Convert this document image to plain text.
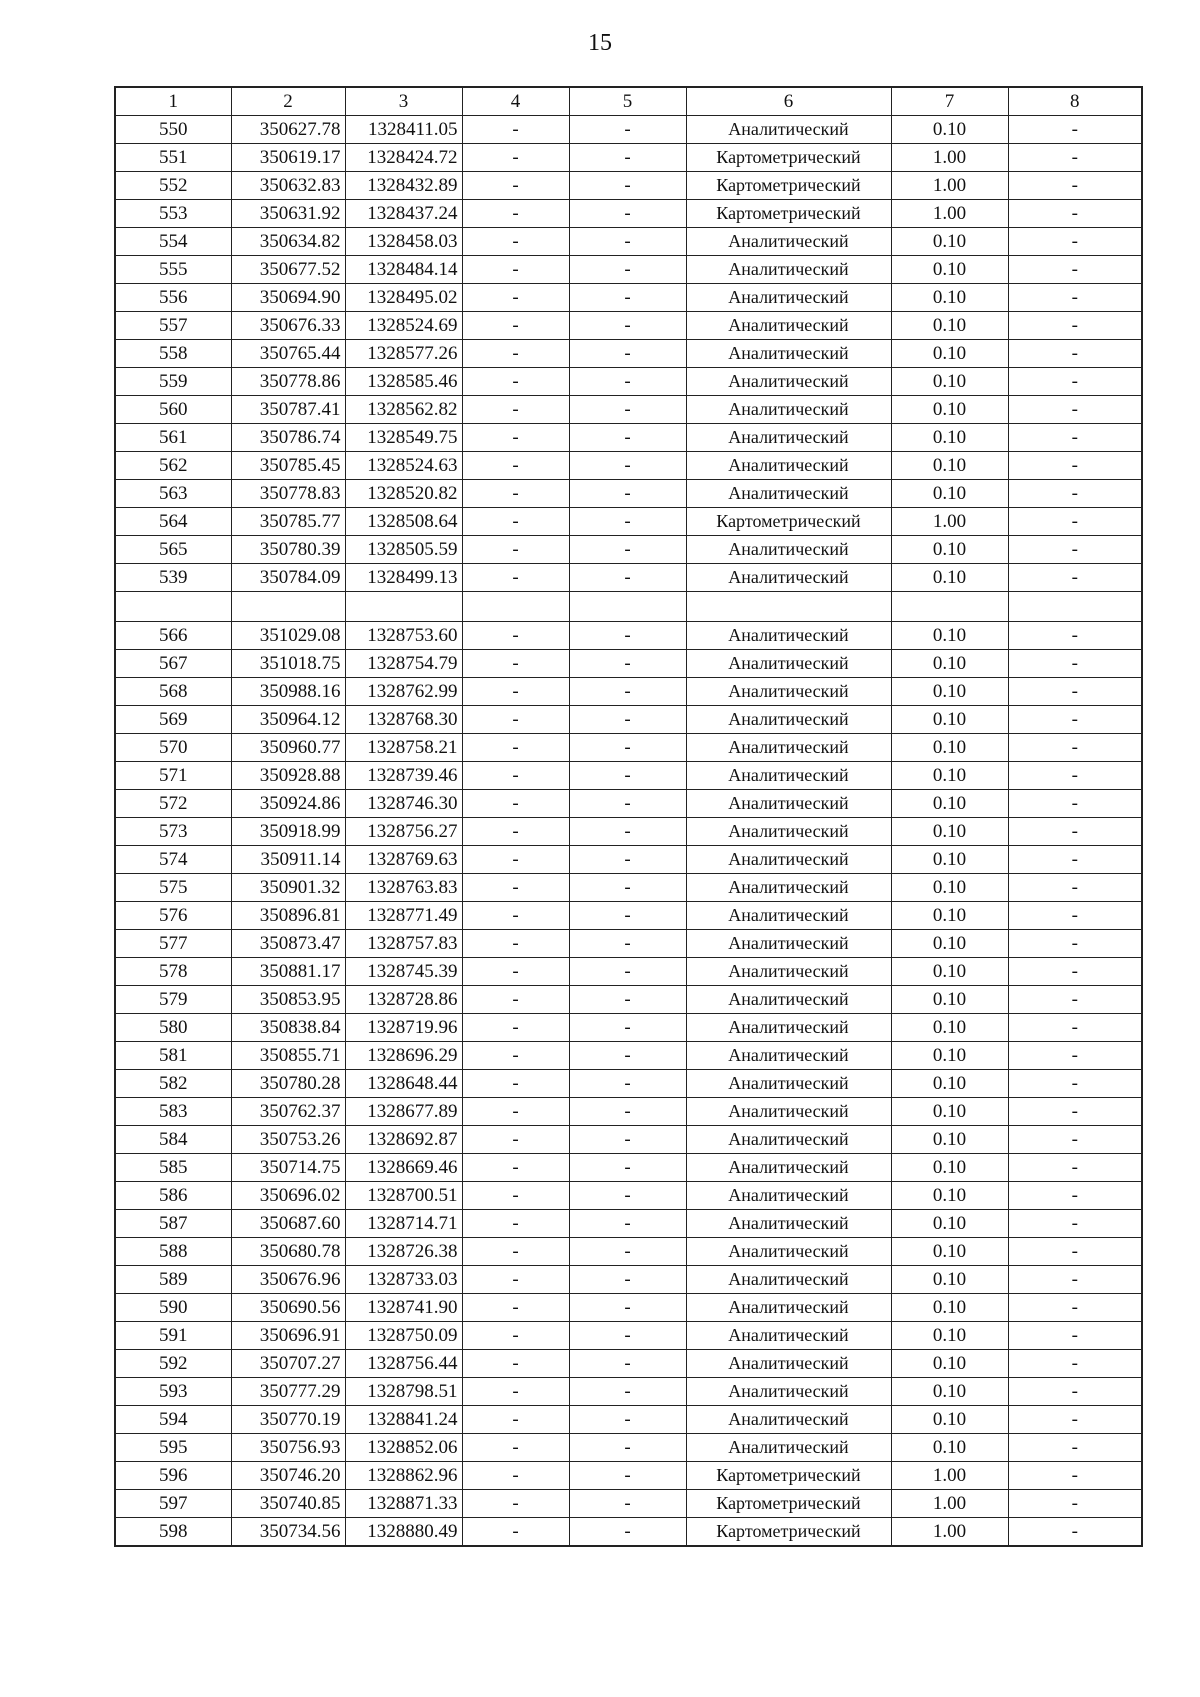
15
1	2	3	4	5	6	7	8
550	350627.78	1328411.05	-	-	Аналитический	0.10	-
551	350619.17	1328424.72	-	-	Картометрический	1.00	-
552	350632.83	1328432.89	-	-	Картометрический	1.00	-
553	350631.92	1328437.24	-	-	Картометрический	1.00	-
554	350634.82	1328458.03	-	-	Аналитический	0.10	-
555	350677.52	1328484.14	-	-	Аналитический	0.10	-
556	350694.90	1328495.02	-	-	Аналитический	0.10	-
557	350676.33	1328524.69	-	-	Аналитический	0.10	-
558	350765.44	1328577.26	-	-	Аналитический	0.10	-
559	350778.86	1328585.46	-	-	Аналитический	0.10	-
560	350787.41	1328562.82	-	-	Аналитический	0.10	-
561	350786.74	1328549.75	-	-	Аналитический	0.10	-
562	350785.45	1328524.63	-	-	Аналитический	0.10	-
563	350778.83	1328520.82	-	-	Аналитический	0.10	-
564	350785.77	1328508.64	-	-	Картометрический	1.00	-
565	350780.39	1328505.59	-	-	Аналитический	0.10	-
539	350784.09	1328499.13	-	-	Аналитический	0.10	-

566	351029.08	1328753.60	-	-	Аналитический	0.10	-
567	351018.75	1328754.79	-	-	Аналитический	0.10	-
568	350988.16	1328762.99	-	-	Аналитический	0.10	-
569	350964.12	1328768.30	-	-	Аналитический	0.10	-
570	350960.77	1328758.21	-	-	Аналитический	0.10	-
571	350928.88	1328739.46	-	-	Аналитический	0.10	-
572	350924.86	1328746.30	-	-	Аналитический	0.10	-
573	350918.99	1328756.27	-	-	Аналитический	0.10	-
574	350911.14	1328769.63	-	-	Аналитический	0.10	-
575	350901.32	1328763.83	-	-	Аналитический	0.10	-
576	350896.81	1328771.49	-	-	Аналитический	0.10	-
577	350873.47	1328757.83	-	-	Аналитический	0.10	-
578	350881.17	1328745.39	-	-	Аналитический	0.10	-
579	350853.95	1328728.86	-	-	Аналитический	0.10	-
580	350838.84	1328719.96	-	-	Аналитический	0.10	-
581	350855.71	1328696.29	-	-	Аналитический	0.10	-
582	350780.28	1328648.44	-	-	Аналитический	0.10	-
583	350762.37	1328677.89	-	-	Аналитический	0.10	-
584	350753.26	1328692.87	-	-	Аналитический	0.10	-
585	350714.75	1328669.46	-	-	Аналитический	0.10	-
586	350696.02	1328700.51	-	-	Аналитический	0.10	-
587	350687.60	1328714.71	-	-	Аналитический	0.10	-
588	350680.78	1328726.38	-	-	Аналитический	0.10	-
589	350676.96	1328733.03	-	-	Аналитический	0.10	-
590	350690.56	1328741.90	-	-	Аналитический	0.10	-
591	350696.91	1328750.09	-	-	Аналитический	0.10	-
592	350707.27	1328756.44	-	-	Аналитический	0.10	-
593	350777.29	1328798.51	-	-	Аналитический	0.10	-
594	350770.19	1328841.24	-	-	Аналитический	0.10	-
595	350756.93	1328852.06	-	-	Аналитический	0.10	-
596	350746.20	1328862.96	-	-	Картометрический	1.00	-
597	350740.85	1328871.33	-	-	Картометрический	1.00	-
598	350734.56	1328880.49	-	-	Картометрический	1.00	-
